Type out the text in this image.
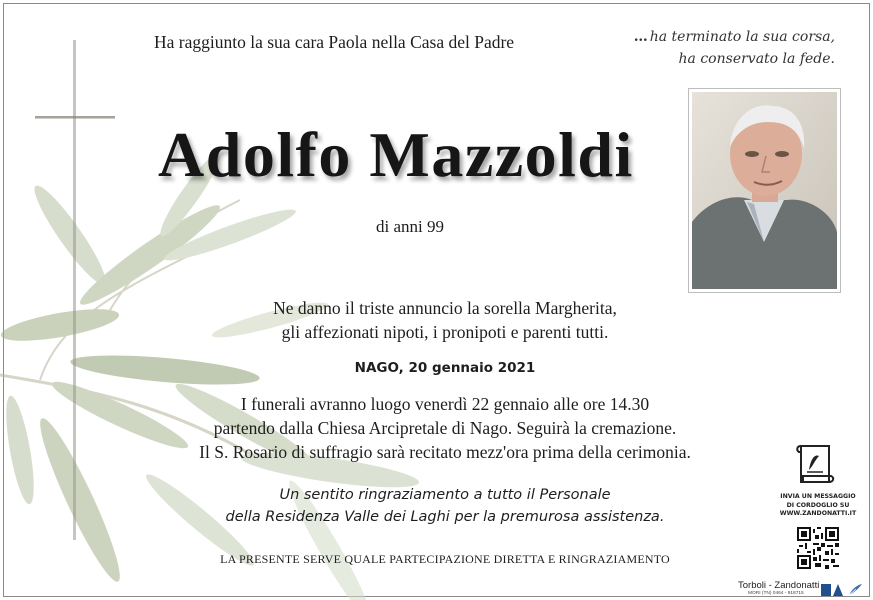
Ha raggiunto la sua cara Paola nella Casa del Padre	…ha terminato la sua corsa,
ha conservato la fede.
Adolfo Mazzoldi
di anni 99
Ne danno il triste annuncio la sorella Margherita,
gli affezionati nipoti, i pronipoti e parenti tutti.
NAGO, 20 gennaio 2021
I funerali avranno luogo venerdì 22 gennaio alle ore 14.30
partendo dalla Chiesa Arcipretale di Nago. Seguirà la cremazione.
Il S. Rosario di suffragio sarà recitato mezz'ora prima della cerimonia.
Un sentito ringraziamento a tutto il Personale
della Residenza Valle dei Laghi per la premurosa assistenza.
LA PRESENTE SERVE QUALE PARTECIPAZIONE DIRETTA E RINGRAZIAMENTO
INVIA UN MESSAGGIO
DI CORDOGLIO SU
WWW.ZANDONATTI.IT
Torboli - Zandonatti
MORI (TN) 0464 - 918715
